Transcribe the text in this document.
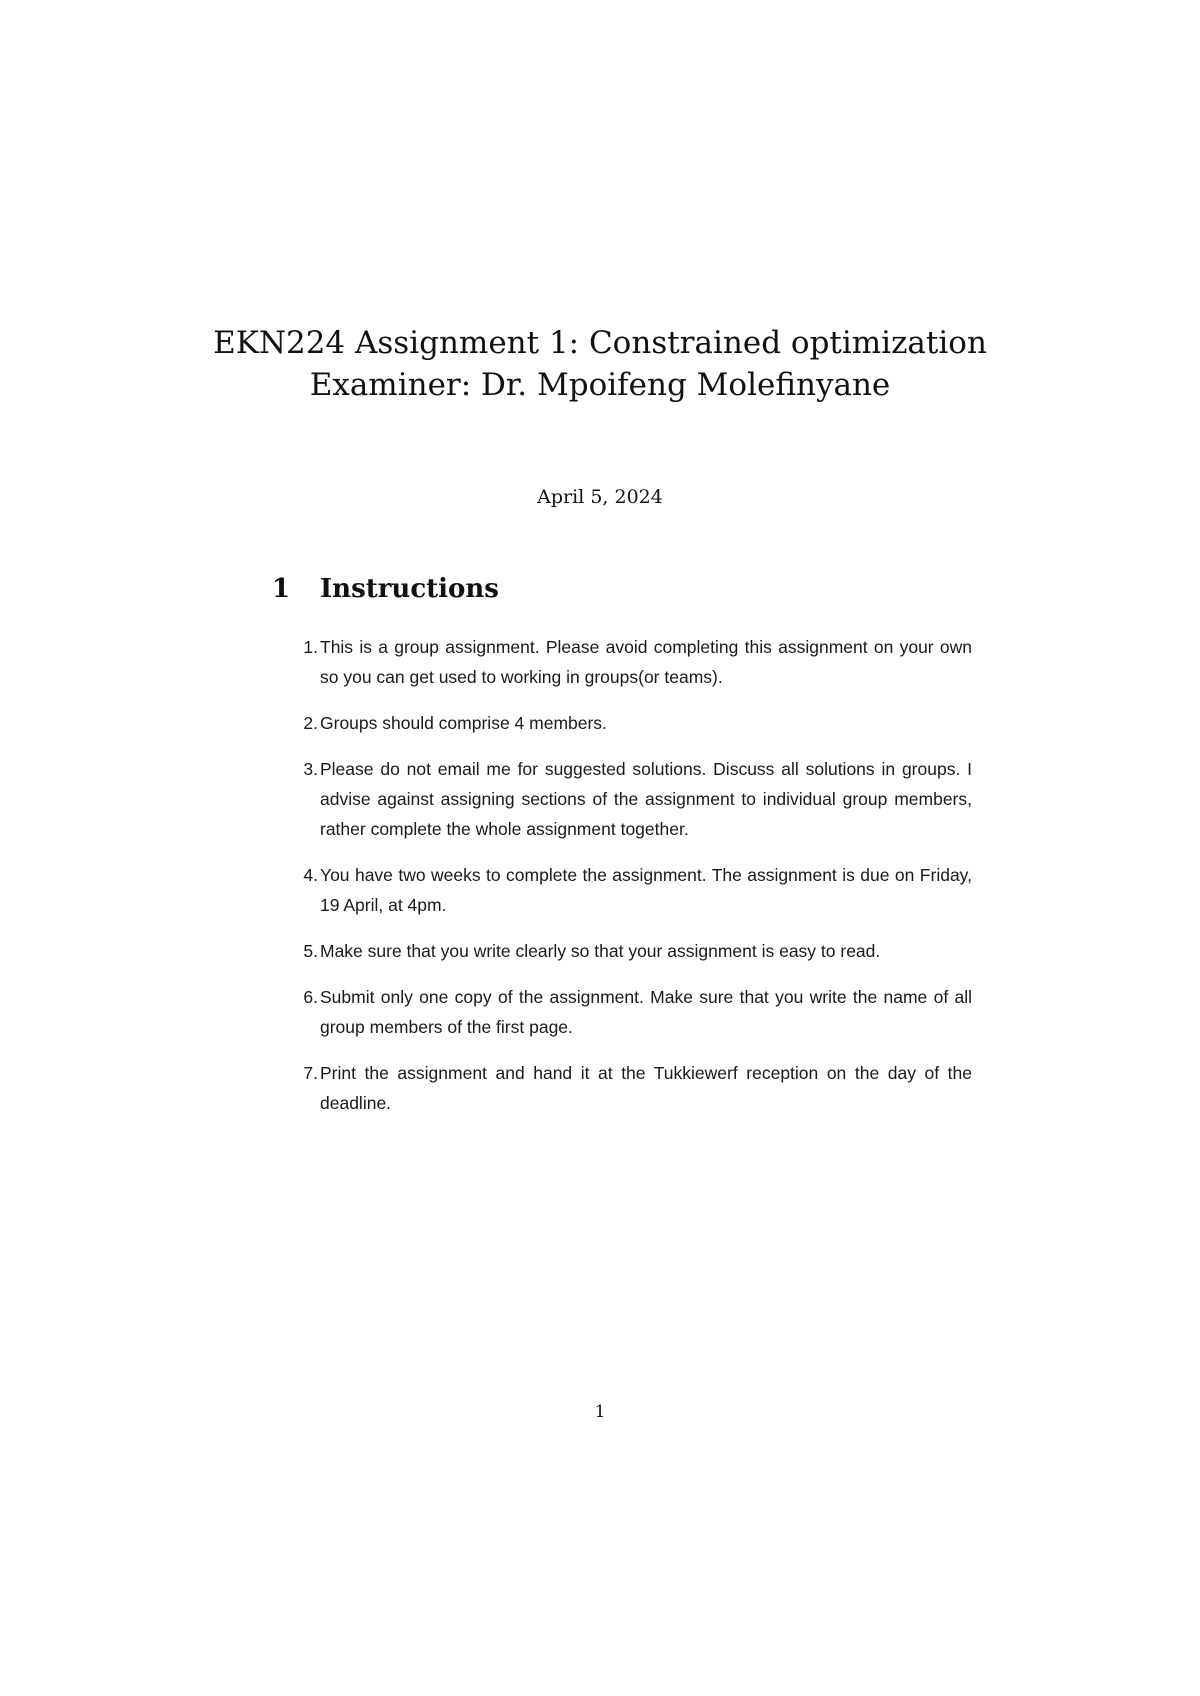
EKN224 Assignment 1: Constrained optimization
Examiner: Dr. Mpoifeng Molefinyane
April 5, 2024
1 Instructions
1. This is a group assignment. Please avoid completing this assignment on your own so you can get used to working in groups(or teams).
2. Groups should comprise 4 members.
3. Please do not email me for suggested solutions. Discuss all solutions in groups. I advise against assigning sections of the assignment to individual group members, rather complete the whole assignment together.
4. You have two weeks to complete the assignment. The assignment is due on Friday, 19 April, at 4pm.
5. Make sure that you write clearly so that your assignment is easy to read.
6. Submit only one copy of the assignment. Make sure that you write the name of all group members of the first page.
7. Print the assignment and hand it at the Tukkiewerf reception on the day of the deadline.
1
